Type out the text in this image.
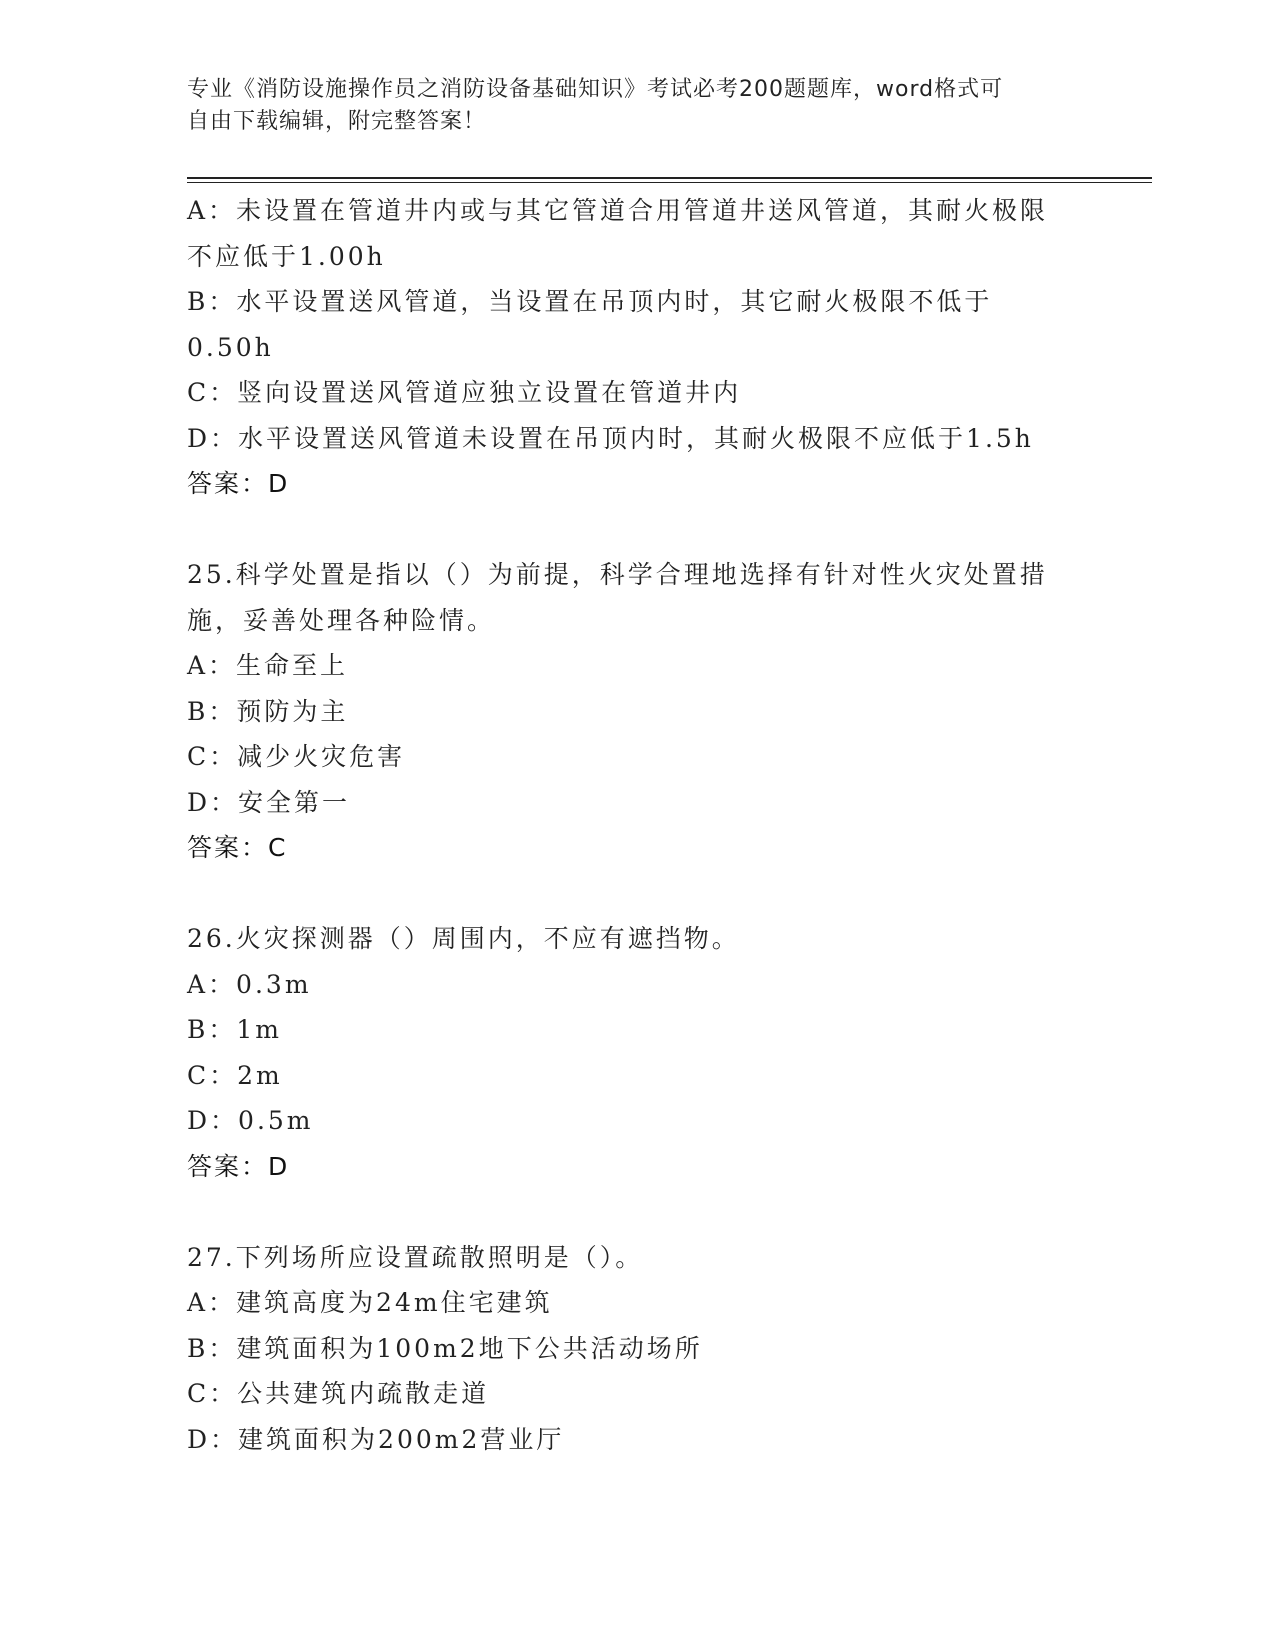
专业《消防设施操作员之消防设备基础知识》考试必考200题题库，word格式可
自由下载编辑，附完整答案！
A：未设置在管道井内或与其它管道合用管道井送风管道，其耐火极限
不应低于1.00h
B：水平设置送风管道，当设置在吊顶内时，其它耐火极限不低于
0.50h
C：竖向设置送风管道应独立设置在管道井内
D：水平设置送风管道未设置在吊顶内时，其耐火极限不应低于1.5h
答案：D
25.科学处置是指以（）为前提，科学合理地选择有针对性火灾处置措
施，妥善处理各种险情。
A：生命至上
B：预防为主
C：减少火灾危害
D：安全第一
答案：C
26.火灾探测器（）周围内，不应有遮挡物。
A：0.3m
B：1m
C：2m
D：0.5m
答案：D
27.下列场所应设置疏散照明是（）。
A：建筑高度为24m住宅建筑
B：建筑面积为100m2地下公共活动场所
C：公共建筑内疏散走道
D：建筑面积为200m2营业厅
